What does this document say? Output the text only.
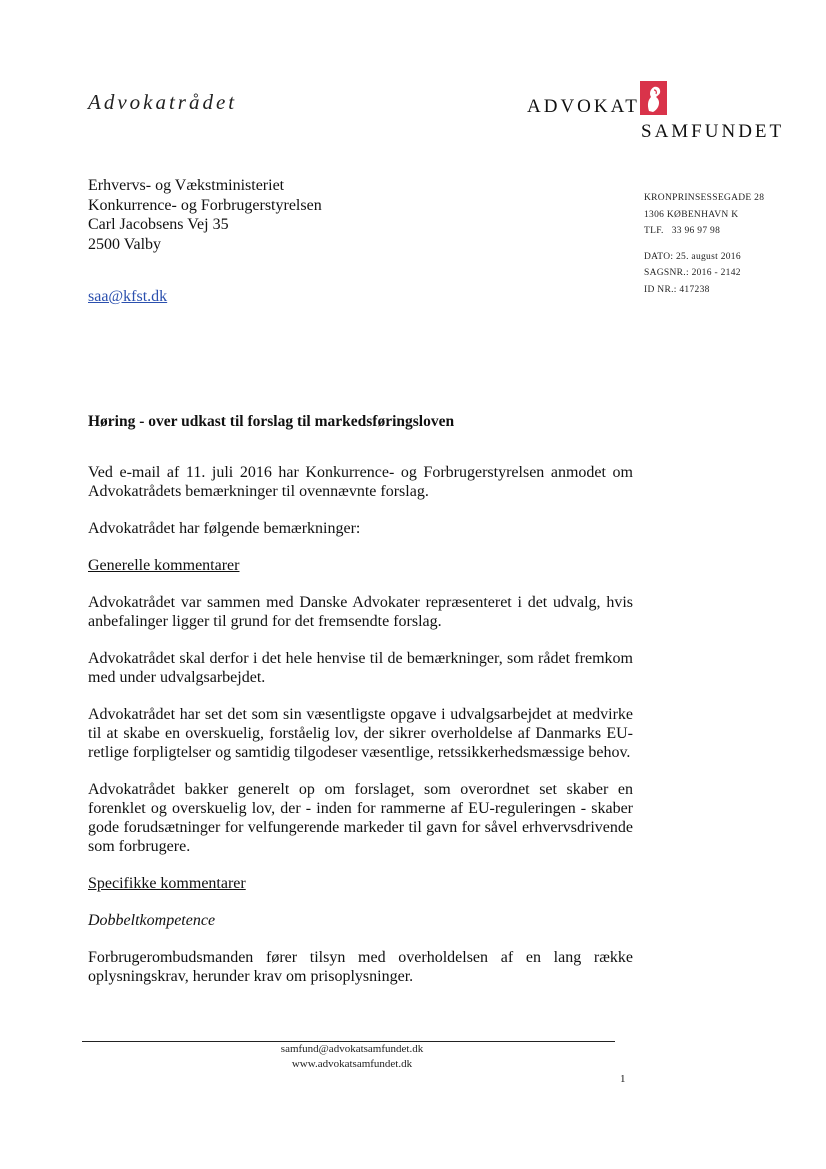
Advokatrådet	ADVOKAT
SAMFUNDET
Erhvervs- og Vækstministeriet
Konkurrence- og Forbrugerstyrelsen
Carl Jacobsens Vej 35
2500 Valby
saa@kfst.dk
KRONPRINSESSEGADE 28
1306 KØBENHAVN K
TLF.   33 96 97 98
DATO: 25. august 2016
SAGSNR.: 2016 - 2142
ID NR.: 417238
Høring - over udkast til forslag til markedsføringsloven

Ved e-mail af 11. juli 2016 har Konkurrence- og Forbrugerstyrelsen anmodet om Advokatrådets bemærkninger til ovennævnte forslag.

Advokatrådet har følgende bemærkninger:

Generelle kommentarer

Advokatrådet var sammen med Danske Advokater repræsenteret i det udvalg, hvis anbefalinger ligger til grund for det fremsendte forslag.

Advokatrådet skal derfor i det hele henvise til de bemærkninger, som rådet fremkom med under udvalgsarbejdet.

Advokatrådet har set det som sin væsentligste opgave i udvalgsarbejdet at medvirke til at skabe en overskuelig, forståelig lov, der sikrer overholdelse af Danmarks EU-retlige forpligtelser og samtidig tilgodeser væsentlige, retssikkerhedsmæssige behov.

Advokatrådet bakker generelt op om forslaget, som overordnet set skaber en forenklet og overskuelig lov, der - inden for rammerne af EU-reguleringen - skaber gode forudsætninger for velfungerende markeder til gavn for såvel erhvervsdrivende som forbrugere.

Specifikke kommentarer

Dobbeltkompetence

Forbrugerombudsmanden fører tilsyn med overholdelsen af en lang række oplysningskrav, herunder krav om prisoplysninger.

samfund@advokatsamfundet.dk
www.advokatsamfundet.dk
1
